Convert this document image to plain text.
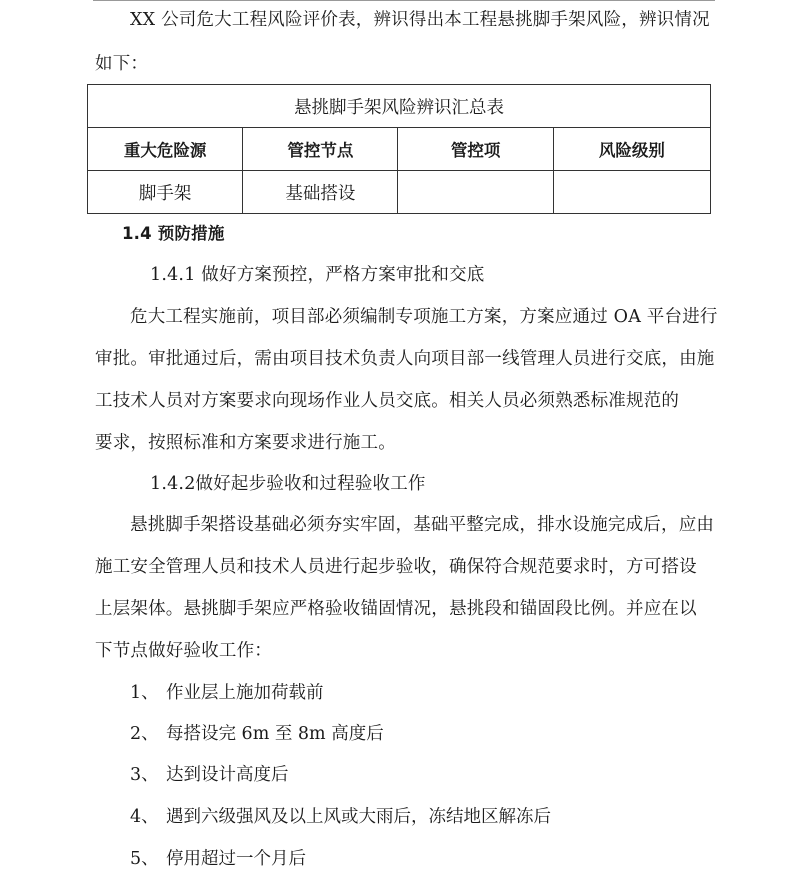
XX 公司危大工程风险评价表，辨识得出本工程悬挑脚手架风险，辨识情况
如下：
悬挑脚手架风险辨识汇总表			
重大危险源	管控节点	管控项	风险级别
脚手架	基础搭设		
1.4 预防措施
1.4.1 做好方案预控，严格方案审批和交底
危大工程实施前，项目部必须编制专项施工方案，方案应通过 OA 平台进行
审批。审批通过后，需由项目技术负责人向项目部一线管理人员进行交底，由施
工技术人员对方案要求向现场作业人员交底。相关人员必须熟悉标准规范的
要求，按照标准和方案要求进行施工。
1.4.2做好起步验收和过程验收工作
悬挑脚手架搭设基础必须夯实牢固，基础平整完成，排水设施完成后，应由
施工安全管理人员和技术人员进行起步验收，确保符合规范要求时，方可搭设
上层架体。悬挑脚手架应严格验收锚固情况，悬挑段和锚固段比例。并应在以
下节点做好验收工作：
1、 作业层上施加荷载前
2、 每搭设完 6m 至 8m 高度后
3、 达到设计高度后
4、 遇到六级强风及以上风或大雨后，冻结地区解冻后
5、 停用超过一个月后
